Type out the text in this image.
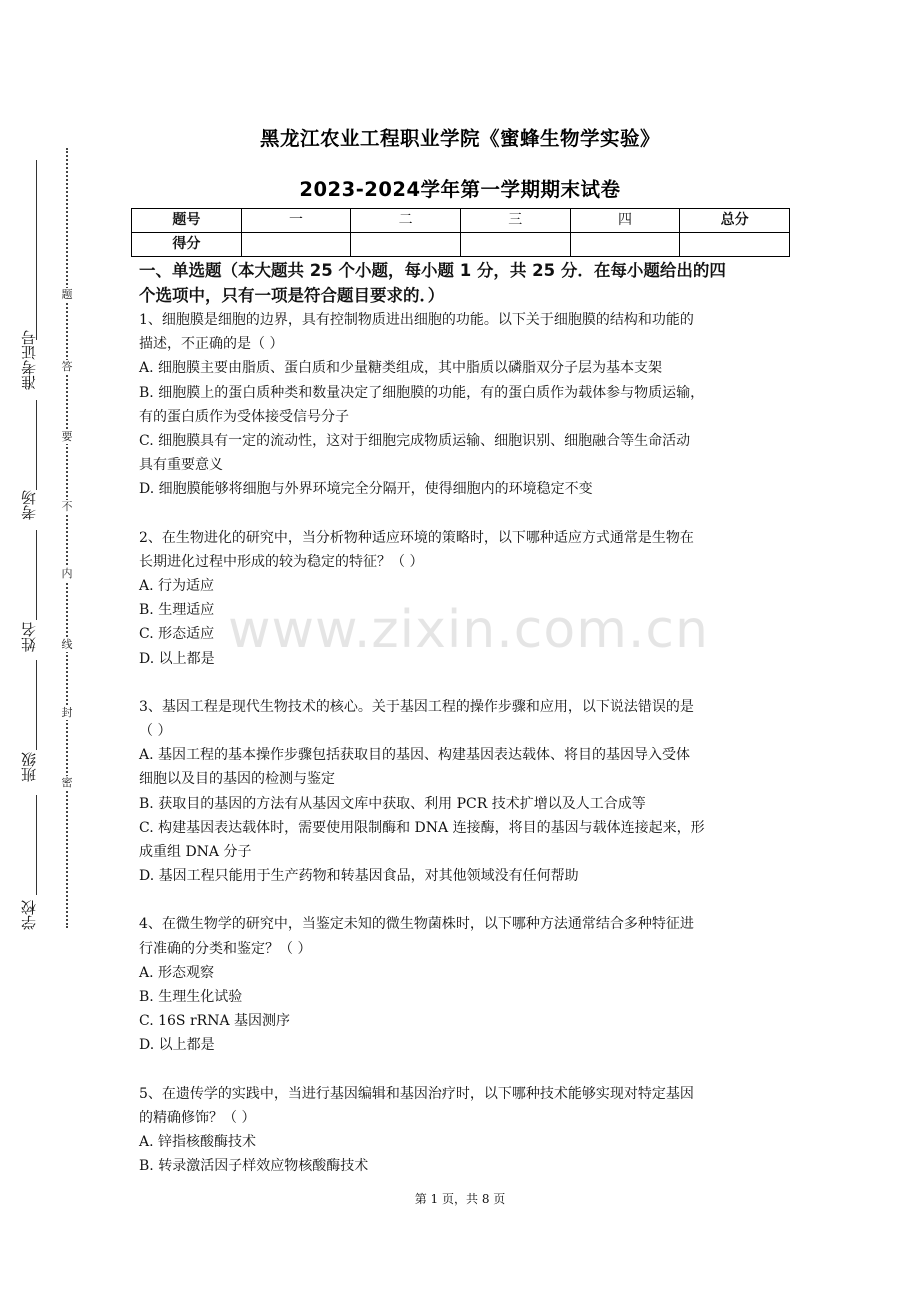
准考证号
考场
姓名
班级
学校
题
答
要
不
内
线
封
密
黑龙江农业工程职业学院《蜜蜂生物学实验》
2023-2024学年第一学期期末试卷
题号	一	二	三	四	总分
得分					

一、单选题（本大题共 25 个小题，每小题 1 分，共 25 分．在每小题给出的四

个选项中，只有一项是符合题目要求的．）

1、细胞膜是细胞的边界，具有控制物质进出细胞的功能。以下关于细胞膜的结构和功能的

描述，不正确的是（ ）

A. 细胞膜主要由脂质、蛋白质和少量糖类组成，其中脂质以磷脂双分子层为基本支架

B. 细胞膜上的蛋白质种类和数量决定了细胞膜的功能，有的蛋白质作为载体参与物质运输，

有的蛋白质作为受体接受信号分子

C. 细胞膜具有一定的流动性，这对于细胞完成物质运输、细胞识别、细胞融合等生命活动

具有重要意义

D. 细胞膜能够将细胞与外界环境完全分隔开，使得细胞内的环境稳定不变

2、在生物进化的研究中，当分析物种适应环境的策略时，以下哪种适应方式通常是生物在

长期进化过程中形成的较为稳定的特征？（ ）

A. 行为适应

B. 生理适应

C. 形态适应

D. 以上都是

3、基因工程是现代生物技术的核心。关于基因工程的操作步骤和应用，以下说法错误的是

（ ）

A. 基因工程的基本操作步骤包括获取目的基因、构建基因表达载体、将目的基因导入受体

细胞以及目的基因的检测与鉴定

B. 获取目的基因的方法有从基因文库中获取、利用 PCR 技术扩增以及人工合成等

C. 构建基因表达载体时，需要使用限制酶和 DNA 连接酶，将目的基因与载体连接起来，形

成重组 DNA 分子

D. 基因工程只能用于生产药物和转基因食品，对其他领域没有任何帮助

4、在微生物学的研究中，当鉴定未知的微生物菌株时，以下哪种方法通常结合多种特征进

行准确的分类和鉴定？（ ）

A. 形态观察

B. 生理生化试验

C. 16S rRNA 基因测序

D. 以上都是

5、在遗传学的实践中，当进行基因编辑和基因治疗时，以下哪种技术能够实现对特定基因

的精确修饰？（ ）

A. 锌指核酸酶技术

B. 转录激活因子样效应物核酸酶技术

www.zixin.com.cn
第 1 页，共 8 页
